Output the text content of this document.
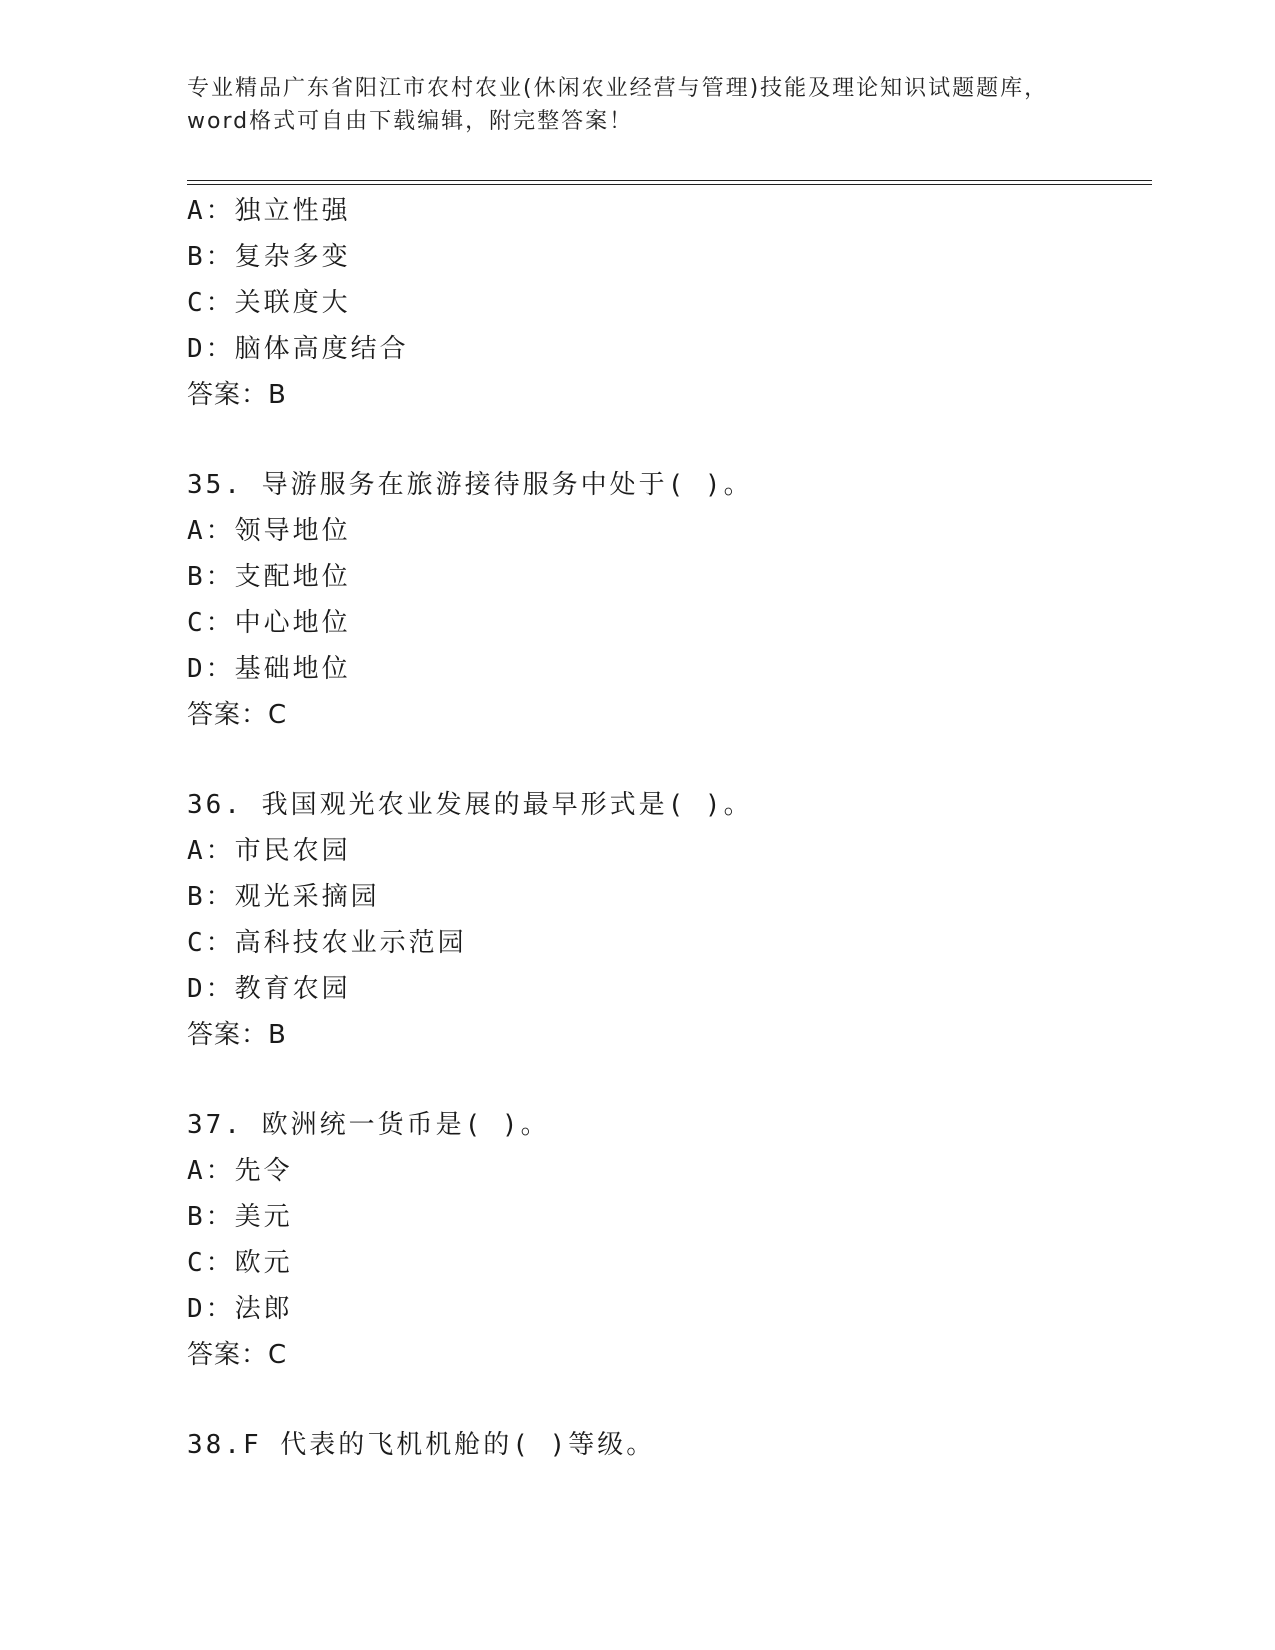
专业精品广东省阳江市农村农业(休闲农业经营与管理)技能及理论知识试题题库，
word格式可自由下载编辑，附完整答案！
A：独立性强
B：复杂多变
C：关联度大
D：脑体高度结合
答案：B
35. 导游服务在旅游接待服务中处于( )。
A：领导地位
B：支配地位
C：中心地位
D：基础地位
答案：C
36. 我国观光农业发展的最早形式是( )。
A：市民农园
B：观光采摘园
C：高科技农业示范园
D：教育农园
答案：B
37. 欧洲统一货币是( )。
A：先令
B：美元
C：欧元
D：法郎
答案：C
38.F 代表的飞机机舱的( )等级。
